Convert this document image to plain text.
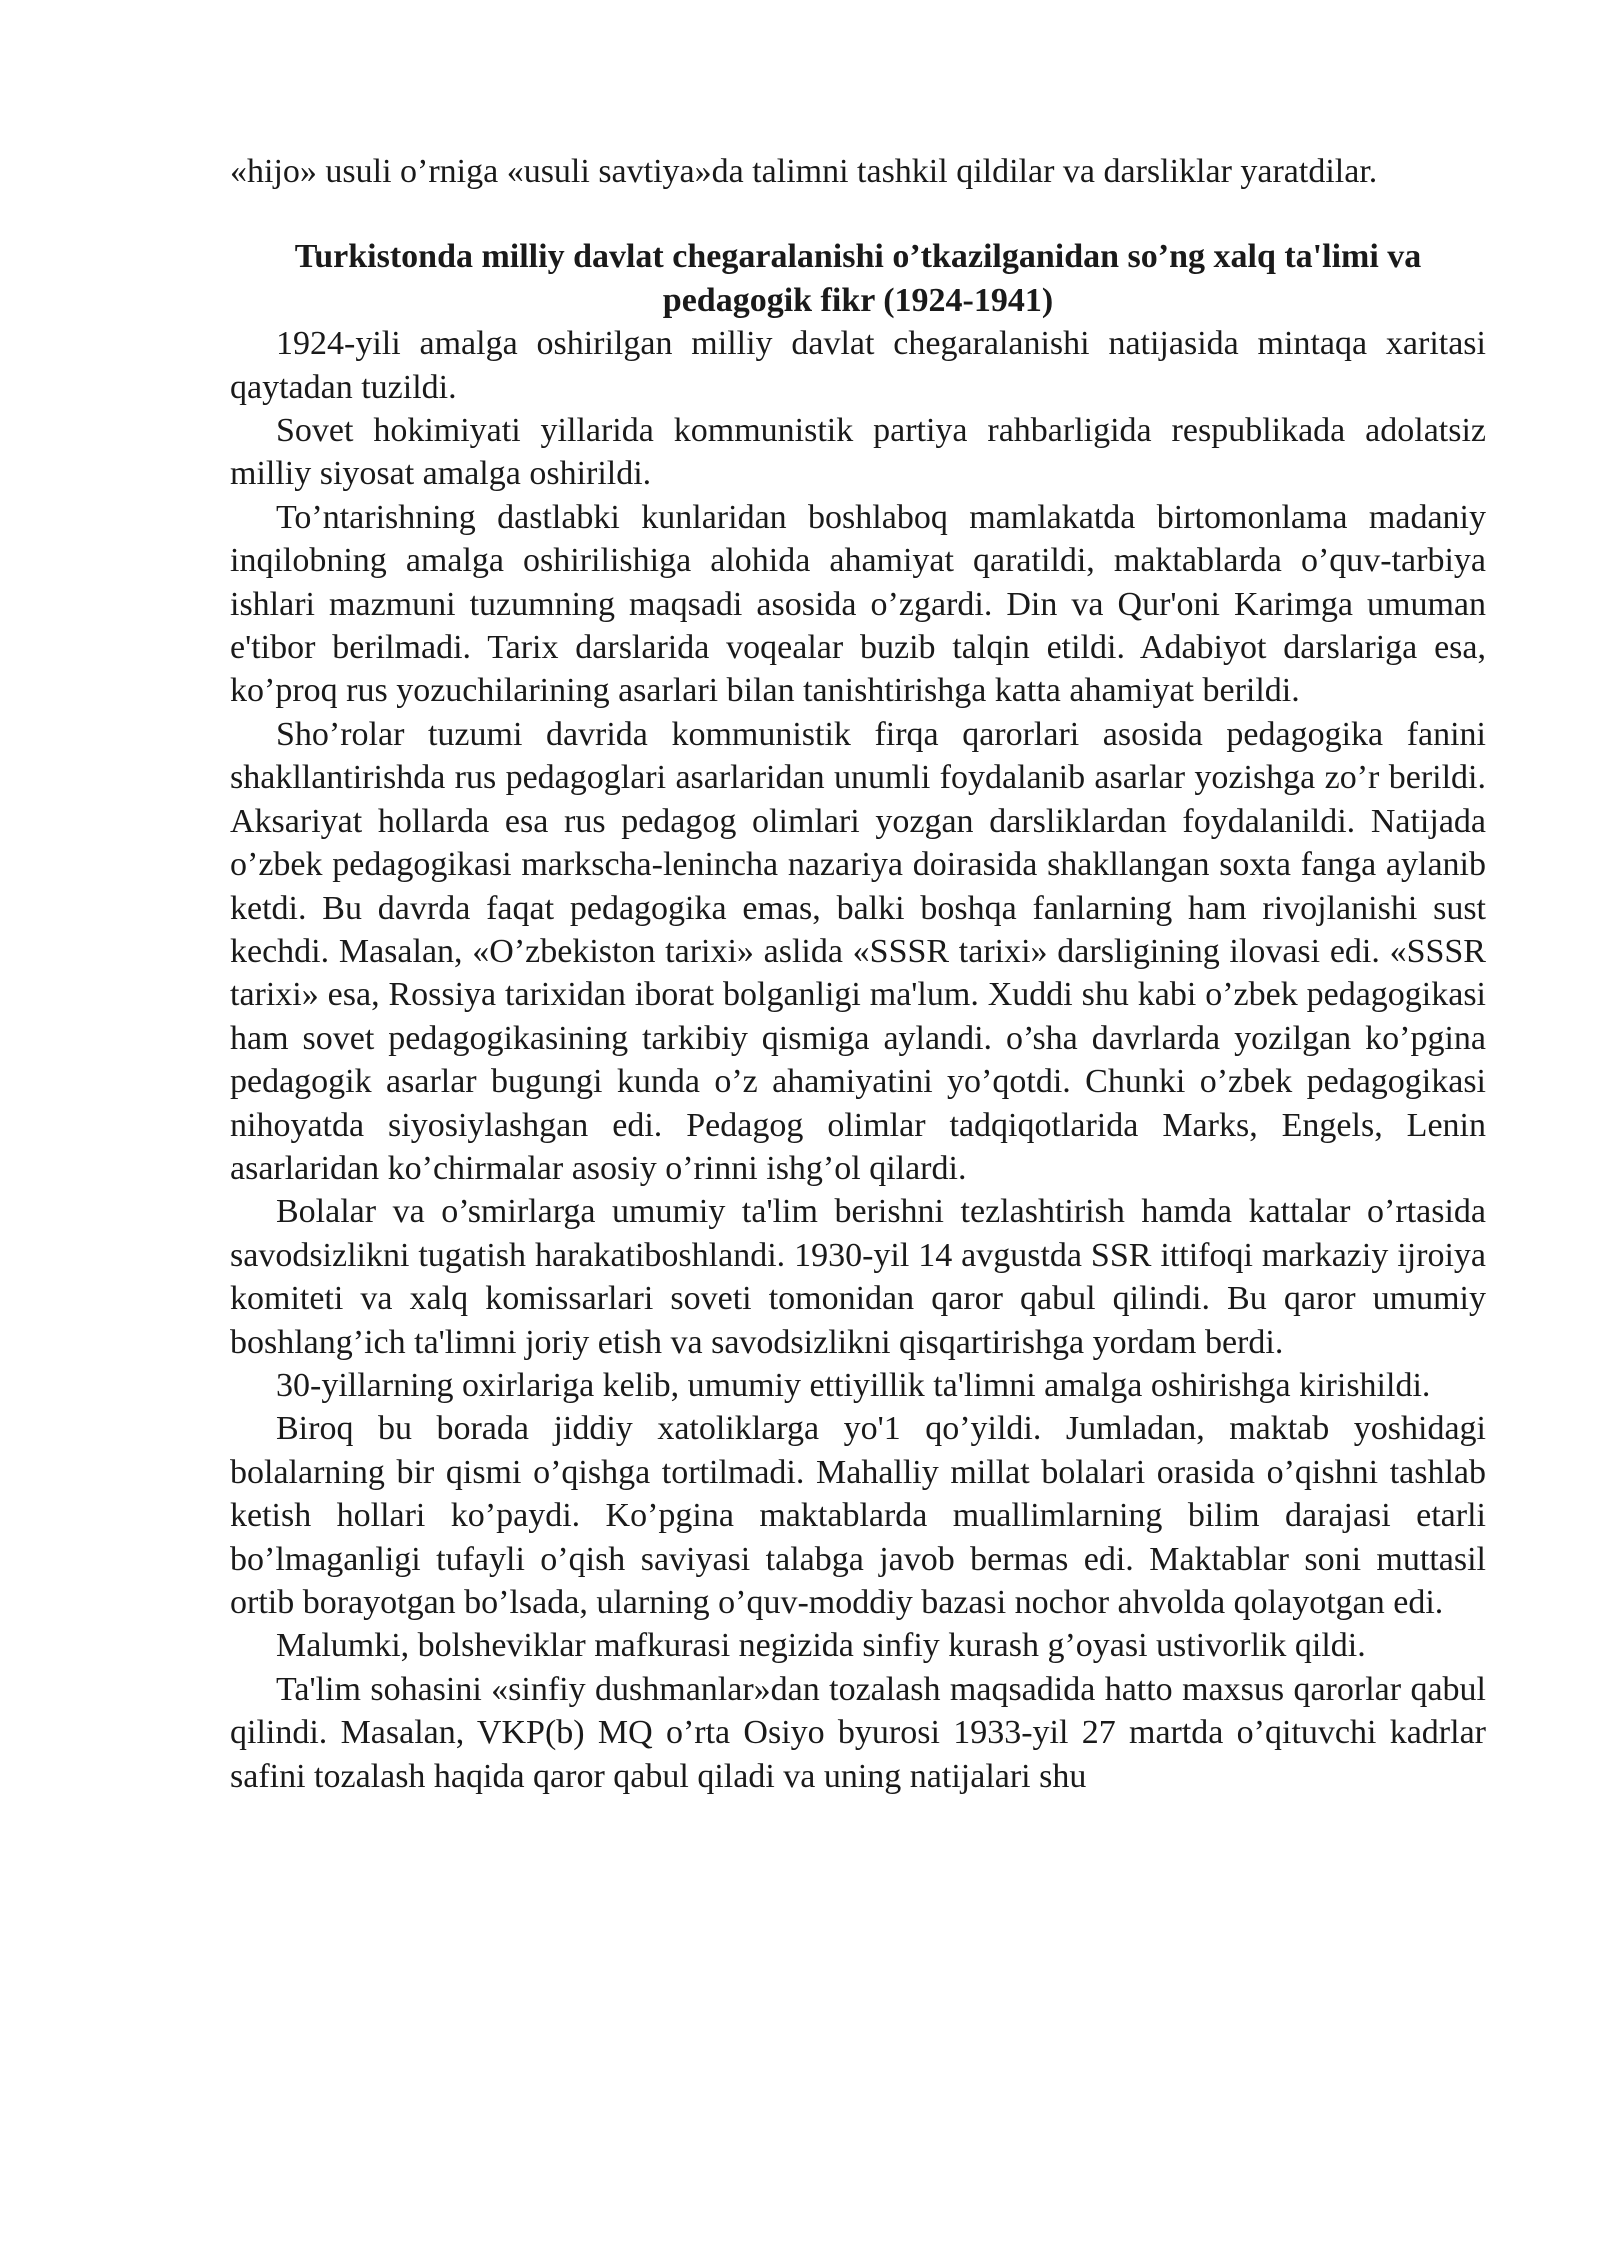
«hijo» usuli o’rniga «usuli savtiya»da talimni tashkil qildilar va darsliklar yaratdilar.

Turkistonda milliy davlat chegaralanishi o’tkazilganidan so’ng xalq ta'limi va pedagogik fikr (1924-1941)

1924-yili amalga oshirilgan milliy davlat chegaralanishi natijasida mintaqa xaritasi qaytadan tuzildi.

Sovet hokimiyati yillarida kommunistik partiya rahbarligida respublikada adolatsiz milliy siyosat amalga oshirildi.

To’ntarishning dastlabki kunlaridan boshlaboq mamlakatda birtomonlama madaniy inqilobning amalga oshirilishiga alohida ahamiyat qaratildi, maktablarda o’quv-tarbiya ishlari mazmuni tuzumning maqsadi asosida o’zgardi. Din va Qur'oni Karimga umuman e'tibor berilmadi. Tarix darslarida voqealar buzib talqin etildi. Adabiyot darslariga esa, ko’proq rus yozuchilarining asarlari bilan tanishtirishga katta ahamiyat berildi.

Sho’rolar tuzumi davrida kommunistik firqa qarorlari asosida pedagogika fanini shakllantirishda rus pedagoglari asarlaridan unumli foydalanib asarlar yozishga zo’r berildi. Aksariyat hollarda esa rus pedagog olimlari yozgan darsliklardan foydalanildi. Natijada o’zbek pedagogikasi markscha-lenincha nazariya doirasida shakllangan soxta fanga aylanib ketdi. Bu davrda faqat pedagogika emas, balki boshqa fanlarning ham rivojlanishi sust kechdi. Masalan, «O’zbekiston tarixi» aslida «SSSR tarixi» darsligining ilovasi edi. «SSSR tarixi» esa, Rossiya tarixidan iborat bolganligi ma'lum. Xuddi shu kabi o’zbek pedagogikasi ham sovet pedagogikasining tarkibiy qismiga aylandi. o’sha davrlarda yozilgan ko’pgina pedagogik asarlar bugungi kunda o’z ahamiyatini yo’qotdi. Chunki o’zbek pedagogikasi nihoyatda siyosiylashgan edi. Pedagog olimlar tadqiqotlarida Marks, Engels, Lenin asarlaridan ko’chirmalar asosiy o’rinni ishg’ol qilardi.

Bolalar va o’smirlarga umumiy ta'lim berishni tezlashtirish hamda kattalar o’rtasida savodsizlikni tugatish harakatiboshlandi. 1930-yil 14 avgustda SSR ittifoqi markaziy ijroiya komiteti va xalq komissarlari soveti tomonidan qaror qabul qilindi. Bu qaror umumiy boshlang’ich ta'limni joriy etish va savodsizlikni qisqartirishga yordam berdi.

30-yillarning oxirlariga kelib, umumiy ettiyillik ta'limni amalga oshirishga kirishildi.

Biroq bu borada jiddiy xatoliklarga yo'1 qo’yildi. Jumladan, maktab yoshidagi bolalarning bir qismi o’qishga tortilmadi. Mahalliy millat bolalari orasida o’qishni tashlab ketish hollari ko’paydi. Ko’pgina maktablarda muallimlarning bilim darajasi etarli bo’lmaganligi tufayli o’qish saviyasi talabga javob bermas edi. Maktablar soni muttasil ortib borayotgan bo’lsada, ularning o’quv-moddiy bazasi nochor ahvolda qolayotgan edi.

Malumki, bolsheviklar mafkurasi negizida sinfiy kurash g’oyasi ustivorlik qildi.

Ta'lim sohasini «sinfiy dushmanlar»dan tozalash maqsadida hatto maxsus qarorlar qabul qilindi. Masalan, VKP(b) MQ o’rta Osiyo byurosi 1933-yil 27 martda o’qituvchi kadrlar safini tozalash haqida qaror qabul qiladi va uning natijalari shu
